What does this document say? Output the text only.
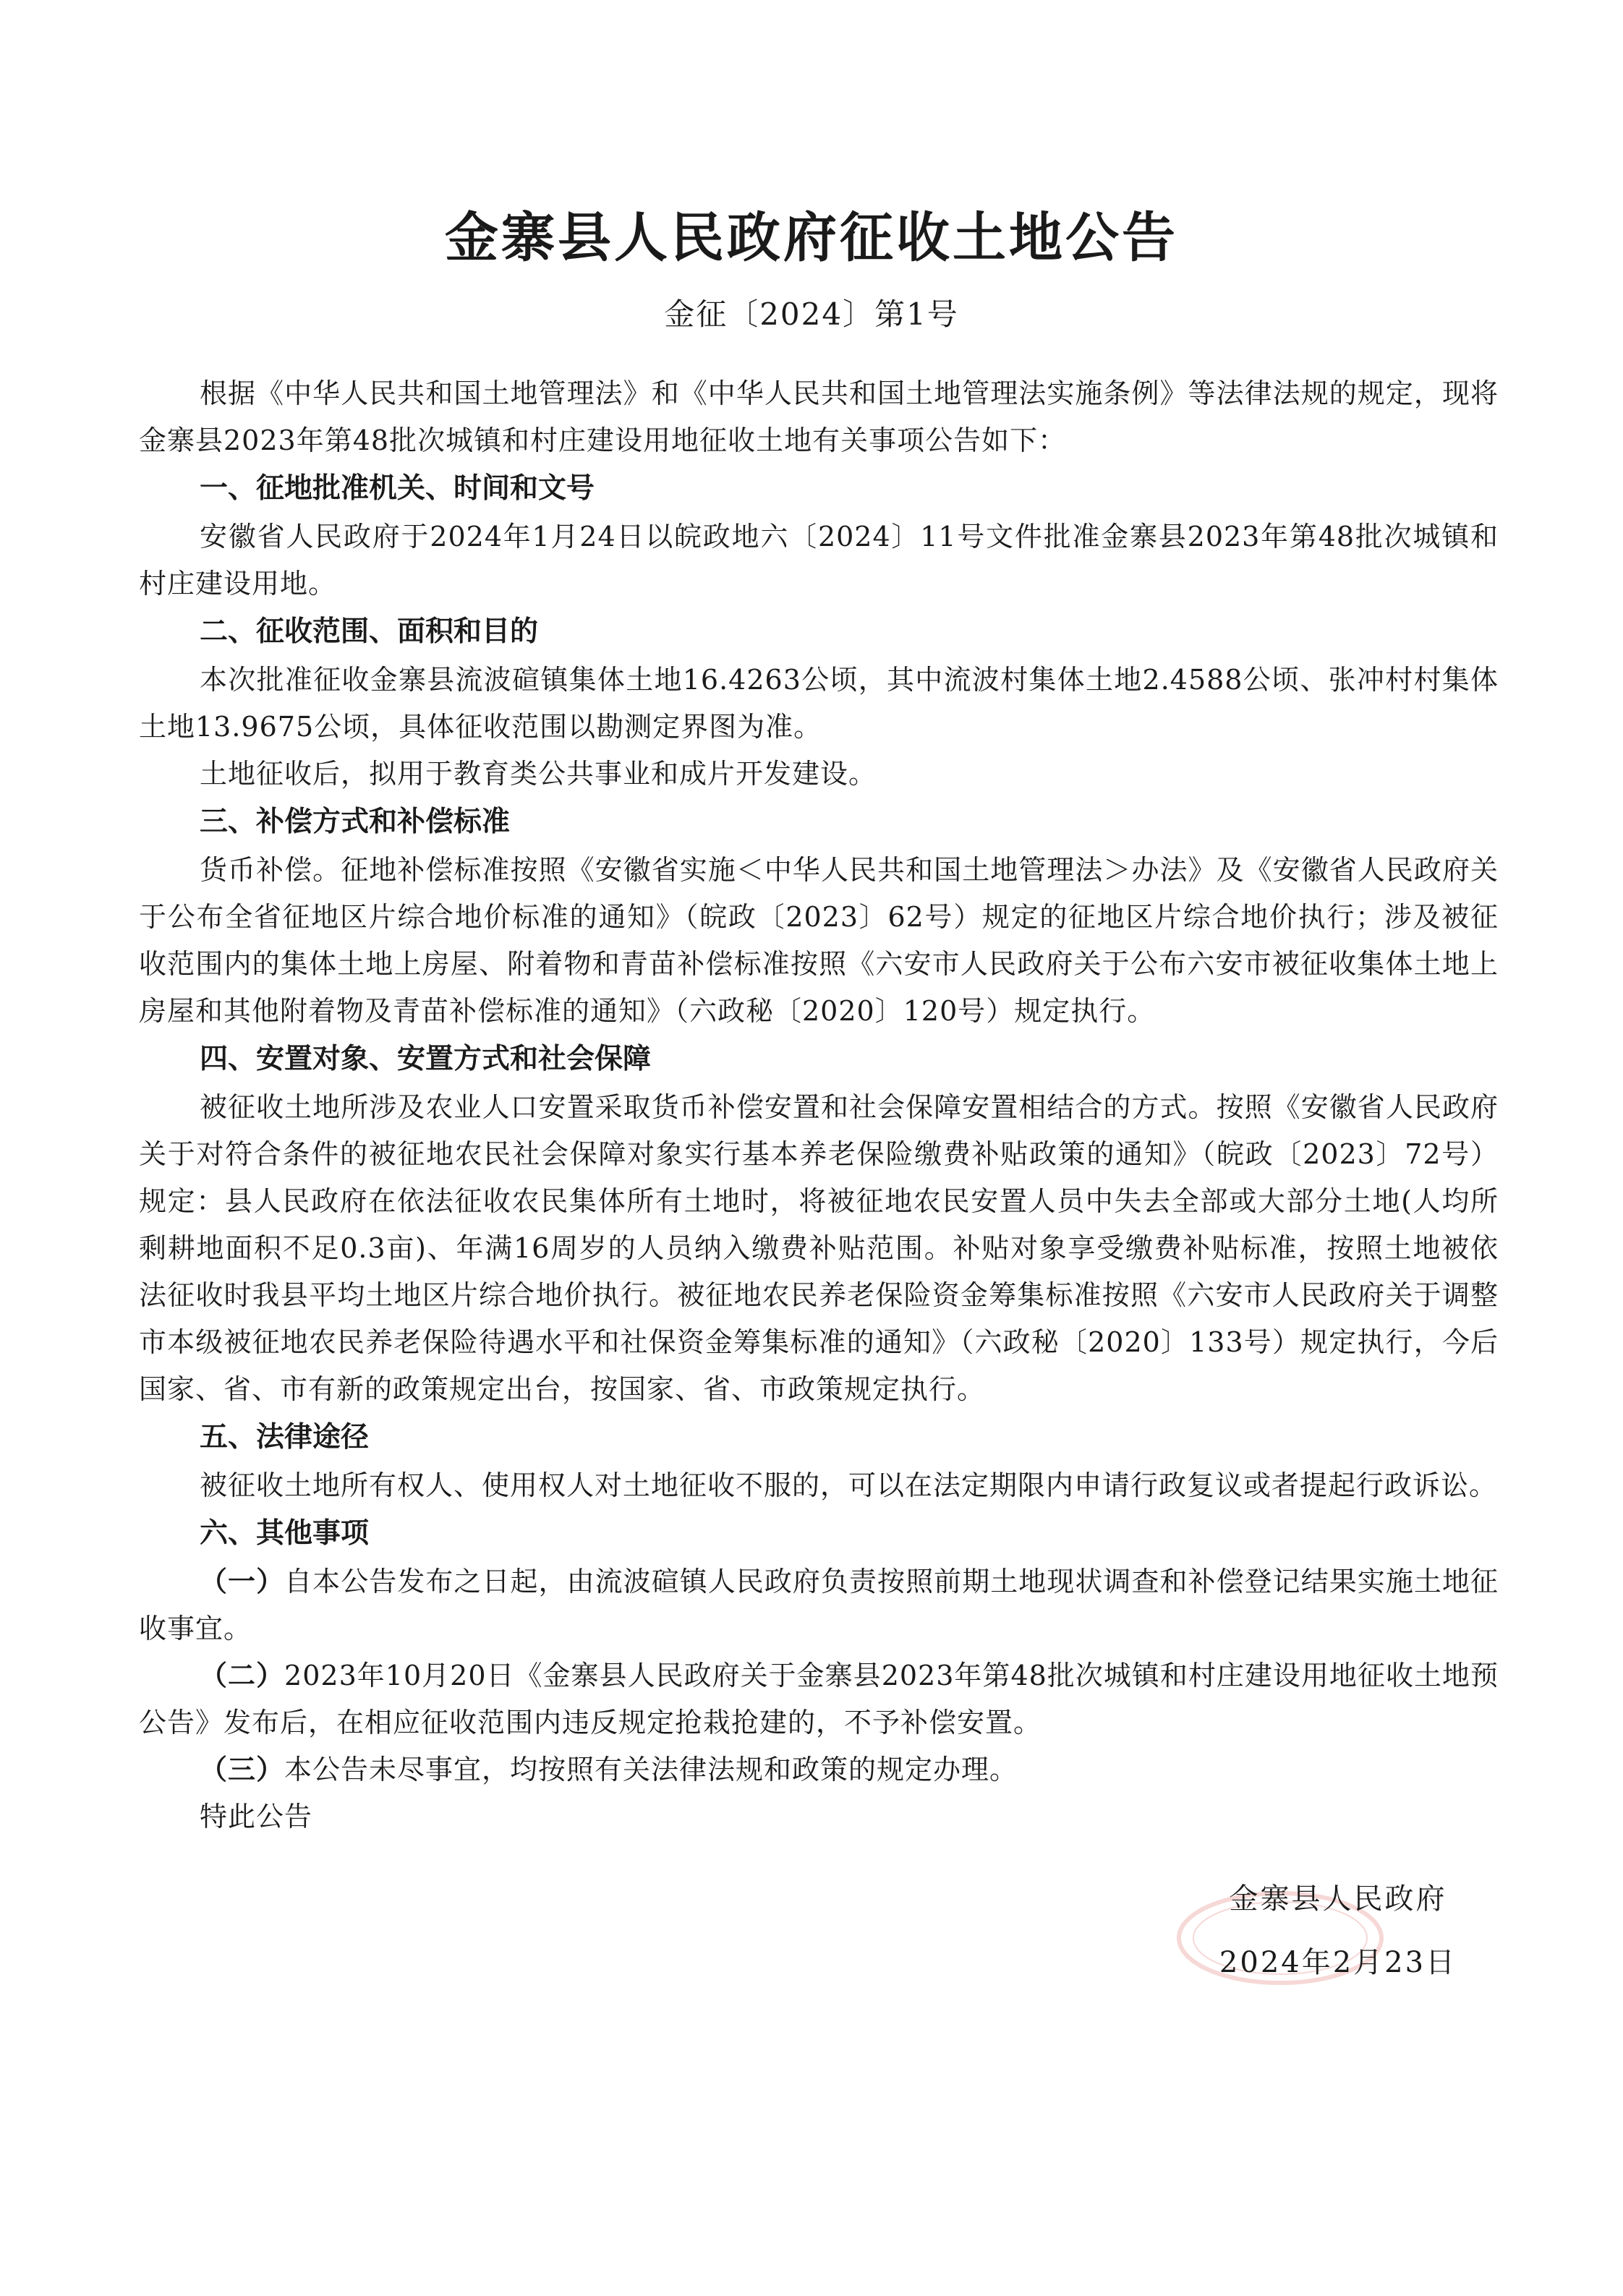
金寨县人民政府征收土地公告
金征〔2024〕第1号

根据《中华人民共和国土地管理法》和《中华人民共和国土地管理法实施条例》等法律法规的规定，现将金寨县2023年第48批次城镇和村庄建设用地征收土地有关事项公告如下：

一、征地批准机关、时间和文号

安徽省人民政府于2024年1月24日以皖政地六〔2024〕11号文件批准金寨县2023年第48批次城镇和村庄建设用地。

二、征收范围、面积和目的

本次批准征收金寨县流波碹镇集体土地16.4263公顷，其中流波村集体土地2.4588公顷、张冲村村集体土地13.9675公顷，具体征收范围以勘测定界图为准。

土地征收后，拟用于教育类公共事业和成片开发建设。

三、补偿方式和补偿标准

货币补偿。征地补偿标准按照《安徽省实施＜中华人民共和国土地管理法＞办法》及《安徽省人民政府关于公布全省征地区片综合地价标准的通知》（皖政〔2023〕62号）规定的征地区片综合地价执行；涉及被征收范围内的集体土地上房屋、附着物和青苗补偿标准按照《六安市人民政府关于公布六安市被征收集体土地上房屋和其他附着物及青苗补偿标准的通知》（六政秘〔2020〕120号）规定执行。

四、安置对象、安置方式和社会保障

被征收土地所涉及农业人口安置采取货币补偿安置和社会保障安置相结合的方式。按照《安徽省人民政府关于对符合条件的被征地农民社会保障对象实行基本养老保险缴费补贴政策的通知》（皖政〔2023〕72号）规定：县人民政府在依法征收农民集体所有土地时，将被征地农民安置人员中失去全部或大部分土地(人均所剩耕地面积不足0.3亩)、年满16周岁的人员纳入缴费补贴范围。补贴对象享受缴费补贴标准，按照土地被依法征收时我县平均土地区片综合地价执行。被征地农民养老保险资金筹集标准按照《六安市人民政府关于调整市本级被征地农民养老保险待遇水平和社保资金筹集标准的通知》（六政秘〔2020〕133号）规定执行，今后国家、省、市有新的政策规定出台，按国家、省、市政策规定执行。

五、法律途径

被征收土地所有权人、使用权人对土地征收不服的，可以在法定期限内申请行政复议或者提起行政诉讼。

六、其他事项

（一）自本公告发布之日起，由流波碹镇人民政府负责按照前期土地现状调查和补偿登记结果实施土地征收事宜。

（二）2023年10月20日《金寨县人民政府关于金寨县2023年第48批次城镇和村庄建设用地征收土地预公告》发布后，在相应征收范围内违反规定抢栽抢建的，不予补偿安置。

（三）本公告未尽事宜，均按照有关法律法规和政策的规定办理。

特此公告

金寨县人民政府
2024年2月23日
